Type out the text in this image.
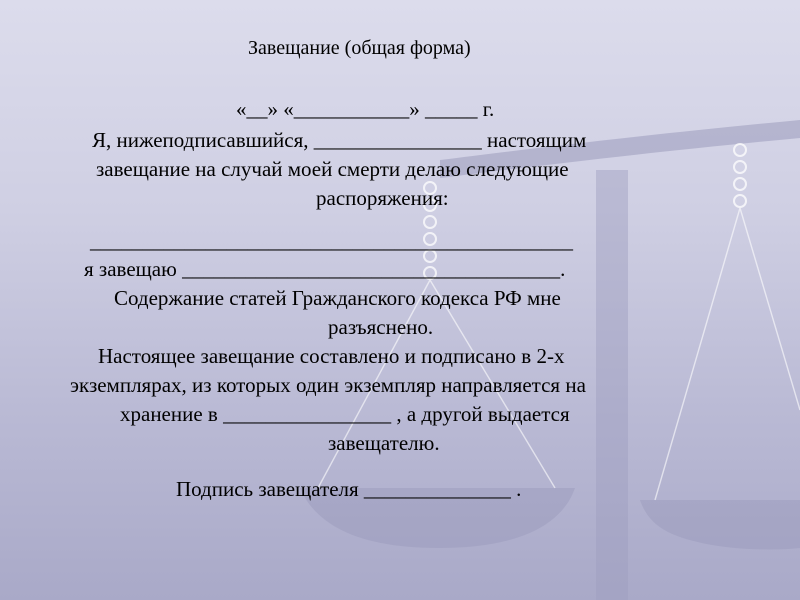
Завещание (общая форма)
«__» «___________» _____ г.
Я, нижеподписавшийся, ________________ настоящим
завещание на случай моей смерти делаю следующие
распоряжения:
______________________________________________
я завещаю ____________________________________.
Содержание статей Гражданского кодекса РФ мне
разъяснено.
Настоящее завещание составлено и подписано в 2-х
экземплярах, из которых один экземпляр направляется на
хранение в ________________ , а другой выдается
завещателю.
Подпись завещателя ______________ .
